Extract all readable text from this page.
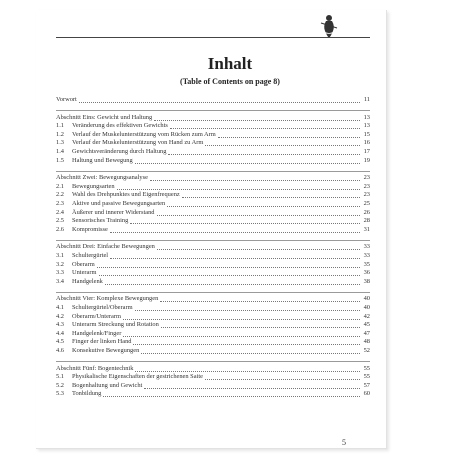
Inhalt
(Table of Contents on page 8)
Vorwort	11
Abschnitt Eins: Gewicht und Haltung	13
1.1 Veränderung des effektiven Gewichts	13
1.2 Verlauf der Muskelunterstützung vom Rücken zum Arm	15
1.3 Verlauf der Muskelunterstützung von Hand zu Arm	16
1.4 Gewichtsveränderung durch Haltung	17
1.5 Haltung und Bewegung	19
Abschnitt Zwei: Bewegungsanalyse	23
2.1 Bewegungsarten	23
2.2 Wahl des Drehpunktes und Eigenfrequenz	23
2.3 Aktive und passive Bewegungsarten	25
2.4 Äußerer und innerer Widerstand	26
2.5 Sensorisches Training	28
2.6 Kompromisse	31
Abschnitt Drei: Einfache Bewegungen	33
3.1 Schultergürtel	33
3.2 Oberarm	35
3.3 Unterarm	36
3.4 Handgelenk	38
Abschnitt Vier: Komplexe Bewegungen	40
4.1 Schultergürtel/Oberarm	40
4.2 Oberarm/Unterarm	42
4.3 Unterarm Streckung und Rotation	45
4.4 Handgelenk/Finger	47
4.5 Finger der linken Hand	48
4.6 Konsekutive Bewegungen	52
Abschnitt Fünf: Bogentechnik	55
5.1 Physikalische Eigenschaften der gestrichenen Saite	55
5.2 Bogenhaltung und Gewicht	57
5.3 Tonbildung	60
5
